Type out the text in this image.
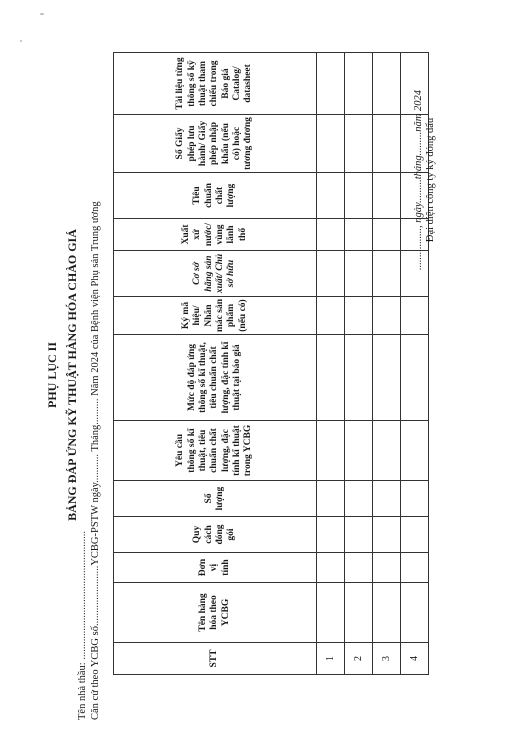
PHỤ LỤC II BẢNG ĐÁP ỨNG KỸ THUẬT HÀNG HÓA CHÀO GIÁ
Tên nhà thầu: ................................................. Căn cứ theo YCBG số.......................YCBG-PSTW ngày........... Tháng.......... Năm 2024 của Bệnh viện Phụ sản Trung ương	STT	Tên hàng hóa theo YCBG	Đơn vị tính	Quy cách đóng gói	Số lượng	Yêu cầu thông số kĩ thuật, tiêu chuẩn chất lượng, đặc tính kĩ thuật trong YCBG	Mức độ đáp ứng thông số kĩ thuật, tiêu chuẩn chất lượng, đặc tính kĩ thuật tại báo giá	Ký mã hiệu/ Nhãn mác sản phẩm (nếu có)	Cơ sở hãng sản xuất/ Chủ sở hữu	Xuất xứ nước/ vùng lãnh thổ	Tiêu chuẩn chất lượng	Số Giấy phép lưu hành/ Giấy phép nhập khẩu (nếu có) hoặc tương đương	Tài liệu từng thông số kỹ thuật tham chiếu trong Báo giá Catalog/ datasheet
1												
2												
3												
4												
................, ngày.........tháng.........năm 2024 Đại diện công ty ký đóng dấu
